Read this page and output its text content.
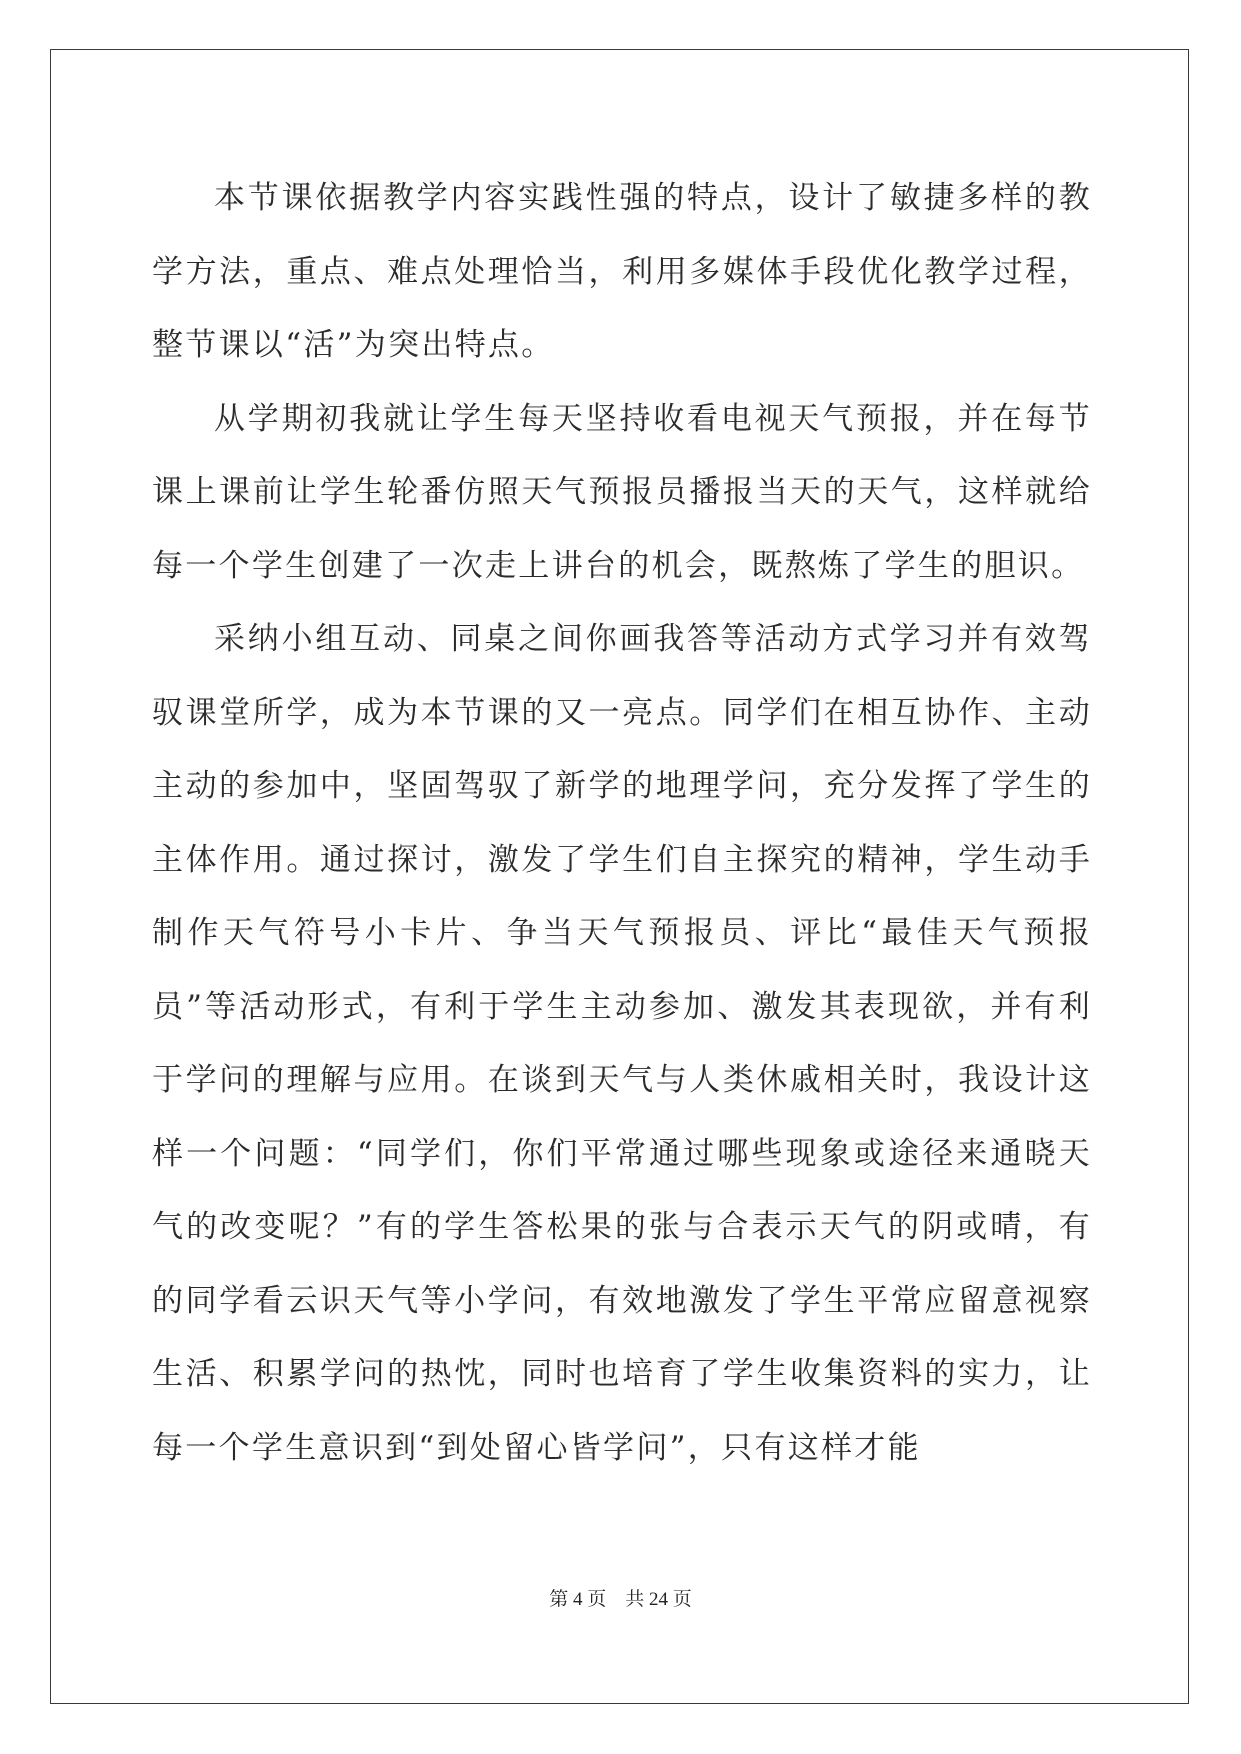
本节课依据教学内容实践性强的特点，设计了敏捷多样的教学方法，重点、难点处理恰当，利用多媒体手段优化教学过程，整节课以“活”为突出特点。

从学期初我就让学生每天坚持收看电视天气预报，并在每节课上课前让学生轮番仿照天气预报员播报当天的天气，这样就给每一个学生创建了一次走上讲台的机会，既熬炼了学生的胆识。

采纳小组互动、同桌之间你画我答等活动方式学习并有效驾驭课堂所学，成为本节课的又一亮点。同学们在相互协作、主动主动的参加中，坚固驾驭了新学的地理学问，充分发挥了学生的主体作用。通过探讨，激发了学生们自主探究的精神，学生动手制作天气符号小卡片、争当天气预报员、评比“最佳天气预报员”等活动形式，有利于学生主动参加、激发其表现欲，并有利于学问的理解与应用。在谈到天气与人类休戚相关时，我设计这样一个问题：“同学们，你们平常通过哪些现象或途径来通晓天气的改变呢？”有的学生答松果的张与合表示天气的阴或晴，有的同学看云识天气等小学问，有效地激发了学生平常应留意视察生活、积累学问的热忱，同时也培育了学生收集资料的实力，让每一个学生意识到“到处留心皆学问”，只有这样才能

第 4 页    共 24 页
